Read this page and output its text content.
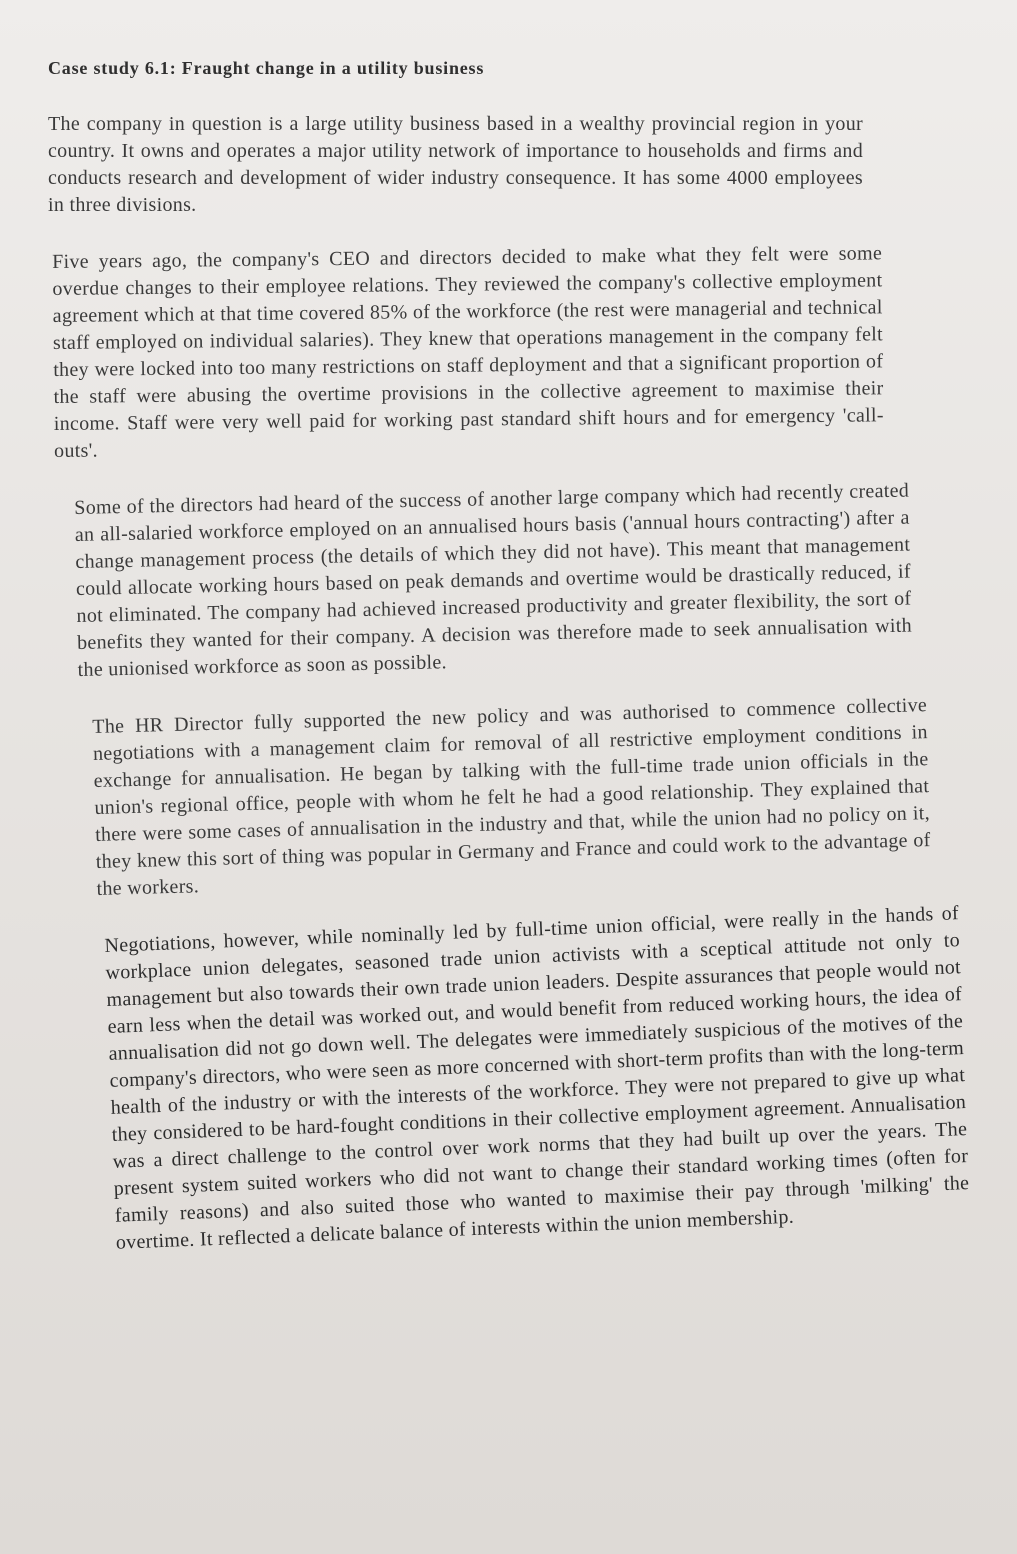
Case study 6.1: Fraught change in a utility business

The company in question is a large utility business based in a wealthy provincial region in your country. It owns and operates a major utility network of importance to households and firms and conducts research and development of wider industry consequence. It has some 4000 employees in three divisions.

Five years ago, the company's CEO and directors decided to make what they felt were some overdue changes to their employee relations. They reviewed the company's collective employment agreement which at that time covered 85% of the workforce (the rest were managerial and technical staff employed on individual salaries). They knew that operations management in the company felt they were locked into too many restrictions on staff deployment and that a significant proportion of the staff were abusing the overtime provisions in the collective agreement to maximise their income. Staff were very well paid for working past standard shift hours and for emergency 'call-outs'.

Some of the directors had heard of the success of another large company which had recently created an all-salaried workforce employed on an annualised hours basis ('annual hours contracting') after a change management process (the details of which they did not have). This meant that management could allocate working hours based on peak demands and overtime would be drastically reduced, if not eliminated. The company had achieved increased productivity and greater flexibility, the sort of benefits they wanted for their company. A decision was therefore made to seek annualisation with the unionised workforce as soon as possible.

The HR Director fully supported the new policy and was authorised to commence collective negotiations with a management claim for removal of all restrictive employment conditions in exchange for annualisation. He began by talking with the full-time trade union officials in the union's regional office, people with whom he felt he had a good relationship. They explained that there were some cases of annualisation in the industry and that, while the union had no policy on it, they knew this sort of thing was popular in Germany and France and could work to the advantage of the workers.

Negotiations, however, while nominally led by full-time union official, were really in the hands of workplace union delegates, seasoned trade union activists with a sceptical attitude not only to management but also towards their own trade union leaders. Despite assurances that people would not earn less when the detail was worked out, and would benefit from reduced working hours, the idea of annualisation did not go down well. The delegates were immediately suspicious of the motives of the company's directors, who were seen as more concerned with short-term profits than with the long-term health of the industry or with the interests of the workforce. They were not prepared to give up what they considered to be hard-fought conditions in their collective employment agreement. Annualisation was a direct challenge to the control over work norms that they had built up over the years. The present system suited workers who did not want to change their standard working times (often for family reasons) and also suited those who wanted to maximise their pay through 'milking' the overtime. It reflected a delicate balance of interests within the union membership.
